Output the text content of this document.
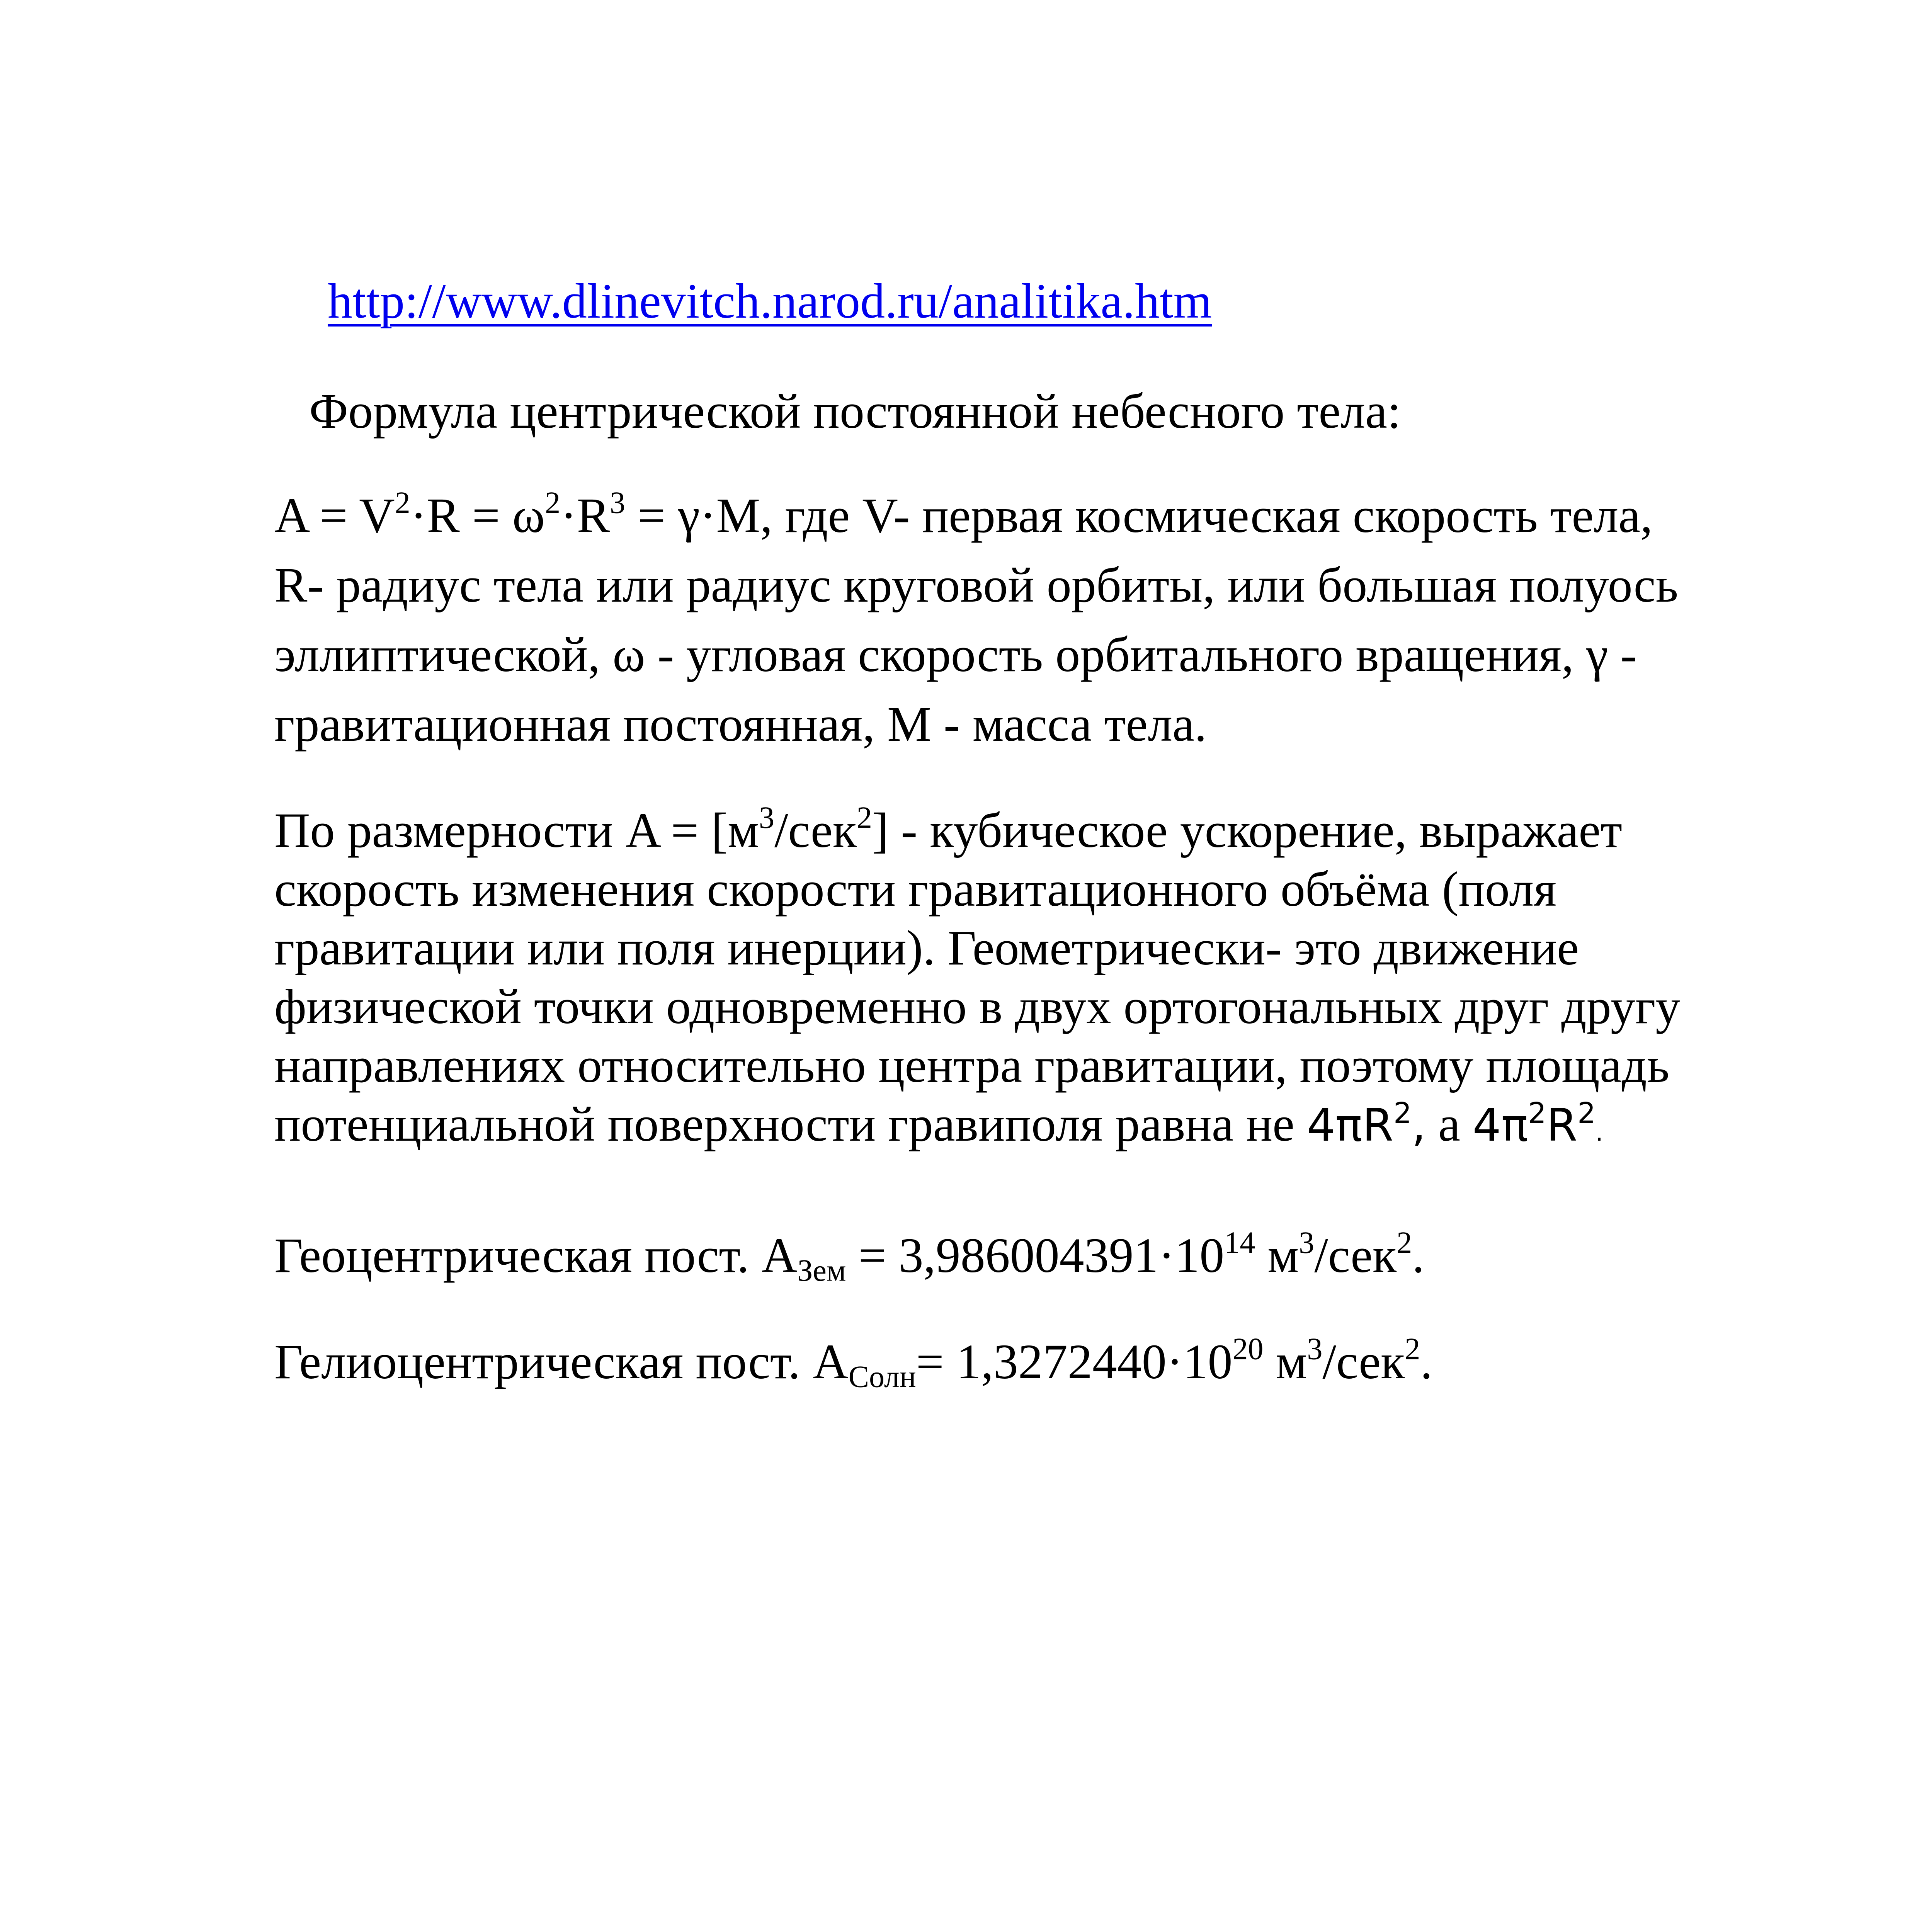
http://www.dlinevitch.narod.ru/analitika.htm
Формула центрической постоянной небесного тела:
$A = V^2\cdot R = \omega^2\cdot R^3 = \gamma\cdot M$, где V- первая космическая скорость тела,
R- радиус тела или радиус круговой орбиты, или большая полуось
эллиптической, ω - угловая скорость орбитального вращения, γ -
гравитационная постоянная, M - масса тела.
По размерности $A = [м^3/сек^2]$ - кубическое ускорение, выражает
скорость изменения скорости гравитационного объёма (поля
гравитации или поля инерции). Геометрически- это движение
физической точки одновременно в двух ортогональных друг другу
направлениях относительно центра гравитации, поэтому площадь
потенциальной поверхности гравиполя равна не $4\pi R^2$, а $4\pi^2R^2$.
Геоцентрическая пост. $A_{Зем} = 3,986004391\cdot 10^{14}$ $м^3/сек^2$.
Гелиоцентрическая пост. $A_{Солн}= 1,3272440\cdot 10^{20}$ $м^3/сек^2$.
